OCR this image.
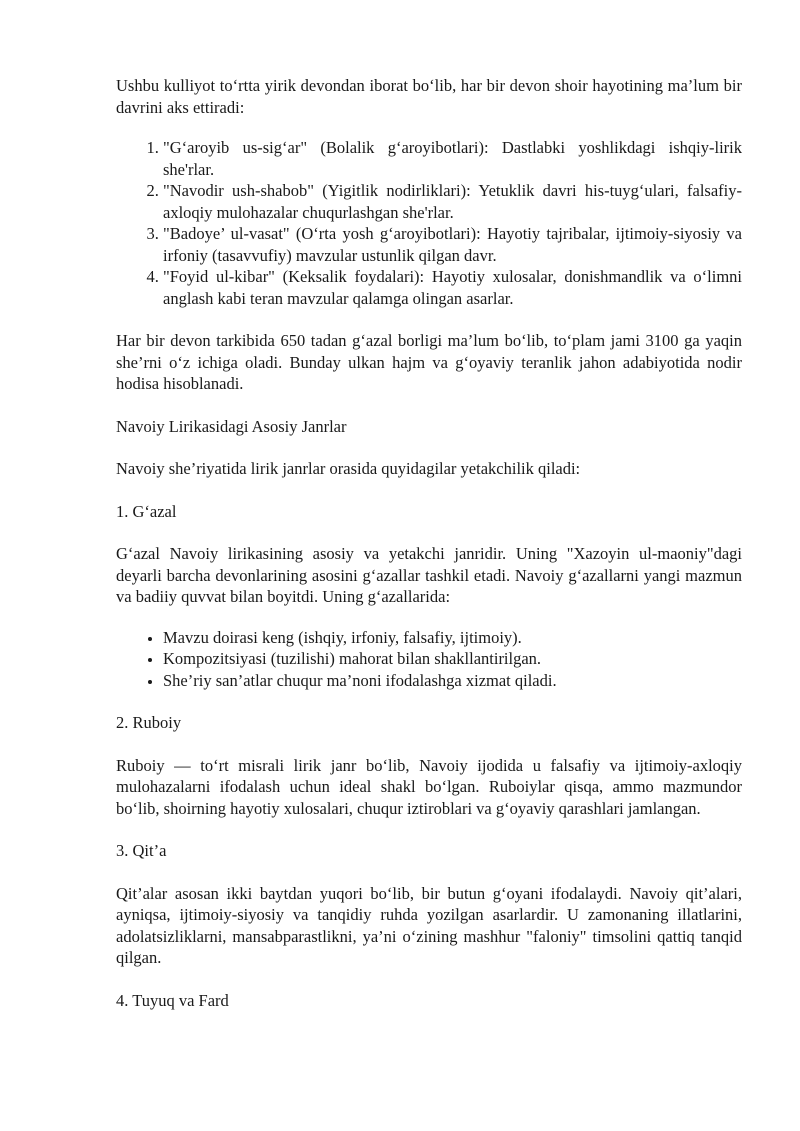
Ushbu kulliyot to‘rtta yirik devondan iborat bo‘lib, har bir devon shoir hayotining ma’lum bir davrini aks ettiradi:

1. "G‘aroyib us-sig‘ar" (Bolalik g‘aroyibotlari): Dastlabki yoshlikdagi ishqiy-lirik she'rlar.
2. "Navodir ush-shabob" (Yigitlik nodirliklari): Yetuklik davri his-tuyg‘ulari, falsafiy-axloqiy mulohazalar chuqurlashgan she'rlar.
3. "Badoye’ ul-vasat" (O‘rta yosh g‘aroyibotlari): Hayotiy tajribalar, ijtimoiy-siyosiy va irfoniy (tasavvufiy) mavzular ustunlik qilgan davr.
4. "Foyid ul-kibar" (Keksalik foydalari): Hayotiy xulosalar, donishmandlik va o‘limni anglash kabi teran mavzular qalamga olingan asarlar.

Har bir devon tarkibida 650 tadan g‘azal borligi ma’lum bo‘lib, to‘plam jami 3100 ga yaqin she’rni o‘z ichiga oladi. Bunday ulkan hajm va g‘oyaviy teranlik jahon adabiyotida nodir hodisa hisoblanadi.

Navoiy Lirikasidagi Asosiy Janrlar

Navoiy she’riyatida lirik janrlar orasida quyidagilar yetakchilik qiladi:

1. G‘azal

G‘azal Navoiy lirikasining asosiy va yetakchi janridir. Uning "Xazoyin ul-maoniy"dagi deyarli barcha devonlarining asosini g‘azallar tashkil etadi. Navoiy g‘azallarni yangi mazmun va badiiy quvvat bilan boyitdi. Uning g‘azallarida:

• Mavzu doirasi keng (ishqiy, irfoniy, falsafiy, ijtimoiy).
• Kompozitsiyasi (tuzilishi) mahorat bilan shakllantirilgan.
• She’riy san’atlar chuqur ma’noni ifodalashga xizmat qiladi.

2. Ruboiy

Ruboiy — to‘rt misrali lirik janr bo‘lib, Navoiy ijodida u falsafiy va ijtimoiy-axloqiy mulohazalarni ifodalash uchun ideal shakl bo‘lgan. Ruboiylar qisqa, ammo mazmundor bo‘lib, shoirning hayotiy xulosalari, chuqur iztiroblari va g‘oyaviy qarashlari jamlangan.

3. Qit’a

Qit’alar asosan ikki baytdan yuqori bo‘lib, bir butun g‘oyani ifodalaydi. Navoiy qit’alari, ayniqsa, ijtimoiy-siyosiy va tanqidiy ruhda yozilgan asarlardir. U zamonaning illatlarini, adolatsizliklarni, mansabparastlikni, ya’ni o‘zining mashhur "faloniy" timsolini qattiq tanqid qilgan.

4. Tuyuq va Fard
